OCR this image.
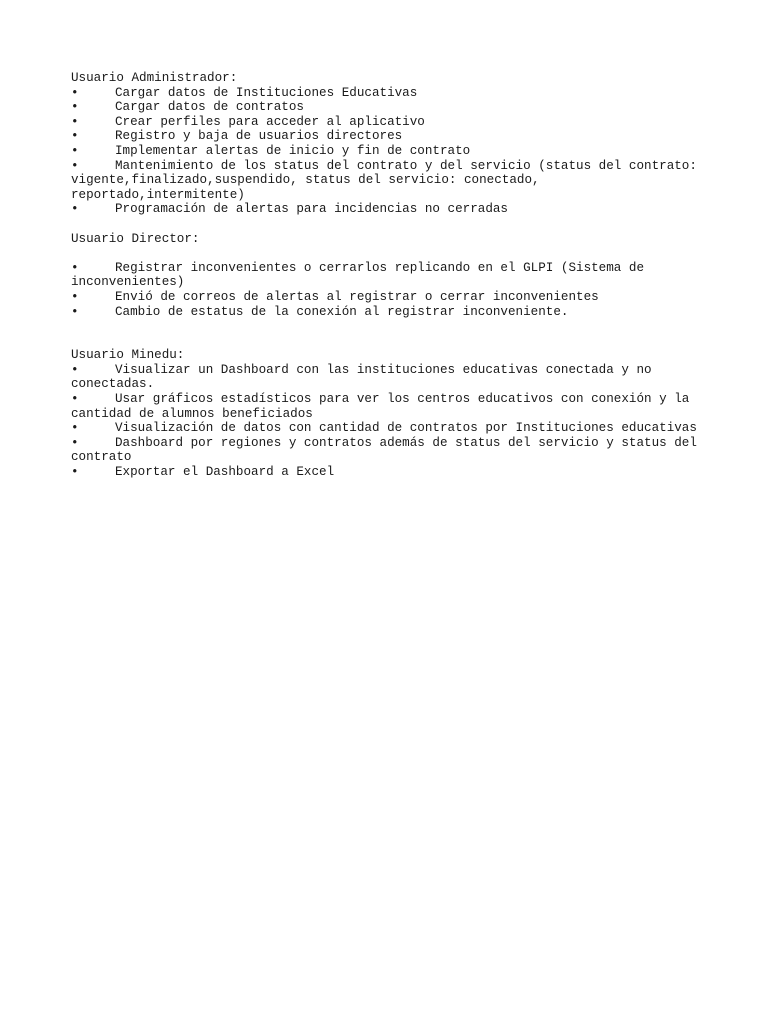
Usuario Administrador:
•	Cargar datos de Instituciones Educativas
•	Cargar datos de contratos
•	Crear perfiles para acceder al aplicativo
•	Registro y baja de usuarios directores
•	Implementar alertas de inicio y fin de contrato
•	Mantenimiento de los status del contrato y del servicio (status del contrato:
vigente,finalizado,suspendido, status del servicio: conectado,
reportado,intermitente)
•	Programación de alertas para incidencias no cerradas
Usuario Director:
•	Registrar inconvenientes o cerrarlos replicando en el GLPI (Sistema de
inconvenientes)
•	Envió de correos de alertas al registrar o cerrar inconvenientes
•	Cambio de estatus de la conexión al registrar inconveniente.
Usuario Minedu:
•	Visualizar un Dashboard con las instituciones educativas conectada y no
conectadas.
•	Usar gráficos estadísticos para ver los centros educativos con conexión y la
cantidad de alumnos beneficiados
•	Visualización de datos con cantidad de contratos por Instituciones educativas
•	Dashboard por regiones y contratos además de status del servicio y status del
contrato
•	Exportar el Dashboard a Excel
